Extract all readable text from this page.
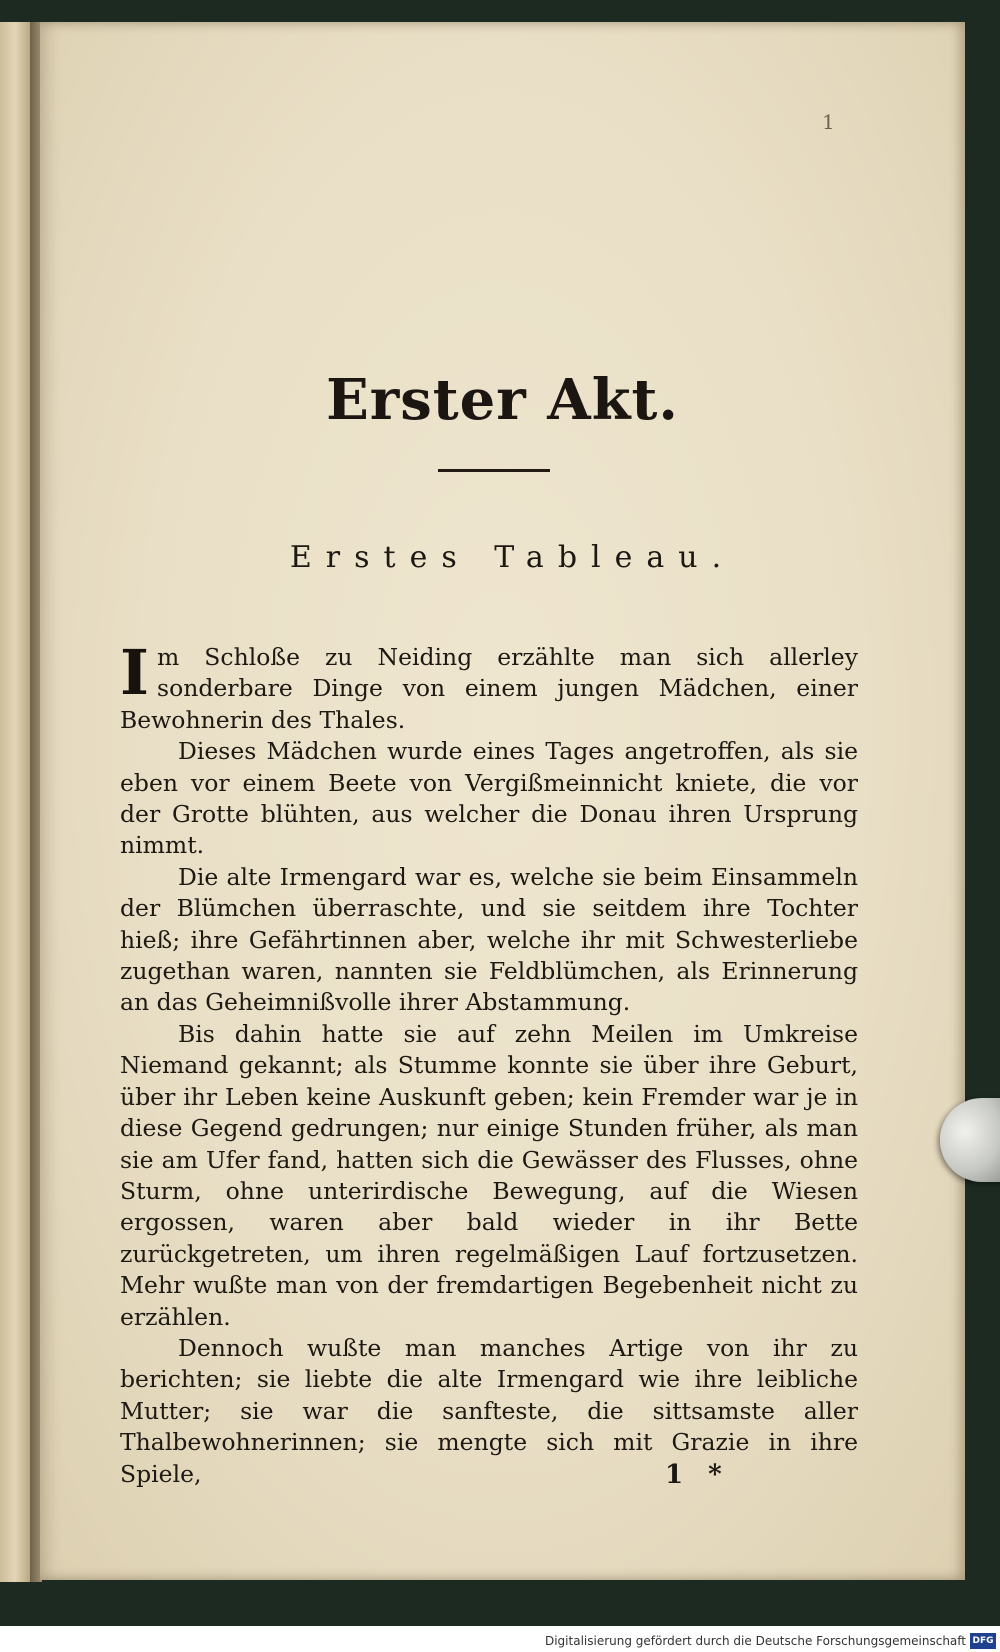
1
Erster Akt.
Erstes Tableau.

Im Schloße zu Neiding erzählte man sich allerley sonderbare Dinge von einem jungen Mädchen, einer Bewohnerin des Thales.

Dieses Mädchen wurde eines Tages angetroffen, als sie eben vor einem Beete von Vergißmeinnicht kniete, die vor der Grotte blühten, aus welcher die Donau ihren Ursprung nimmt.

Die alte Irmengard war es, welche sie beim Einsammeln der Blümchen überraschte, und sie seitdem ihre Tochter hieß; ihre Gefährtinnen aber, welche ihr mit Schwesterliebe zugethan waren, nannten sie Feldblümchen, als Erinnerung an das Geheimnißvolle ihrer Abstammung.

Bis dahin hatte sie auf zehn Meilen im Umkreise Niemand gekannt; als Stumme konnte sie über ihre Geburt, über ihr Leben keine Auskunft geben; kein Fremder war je in diese Gegend gedrungen; nur einige Stunden früher, als man sie am Ufer fand, hatten sich die Gewässer des Flusses, ohne Sturm, ohne unterirdische Bewegung, auf die Wiesen ergossen, waren aber bald wieder in ihr Bette zurückgetreten, um ihren regelmäßigen Lauf fortzusetzen. Mehr wußte man von der fremdartigen Begebenheit nicht zu erzählen.

Dennoch wußte man manches Artige von ihr zu berichten; sie liebte die alte Irmengard wie ihre leibliche Mutter; sie war die sanfteste, die sittsamste aller Thalbewohnerinnen; sie mengte sich mit Grazie in ihre Spiele,	1 *
Digitalisierung gefördert durch die Deutsche Forschungsgemeinschaft DFG
